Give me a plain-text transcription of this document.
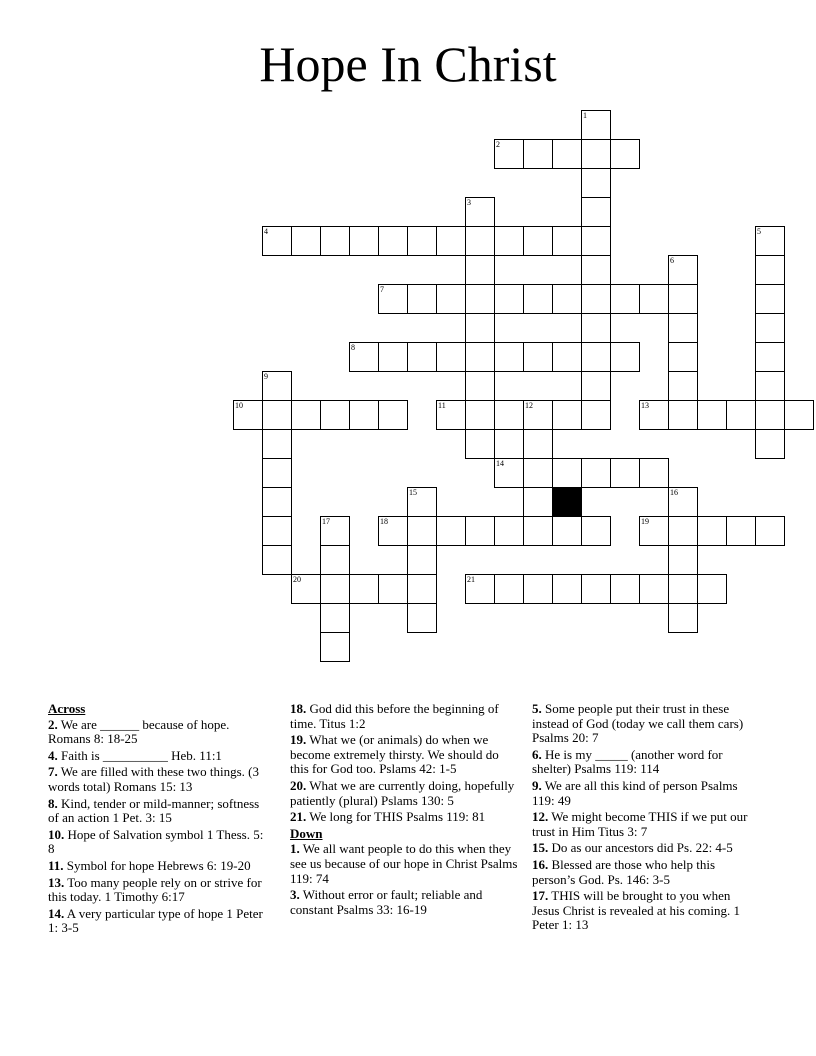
Hope In Christ
1
2
3
4	5
6
7
8
9
10	11	12	13
14
15	16
17	18	19
20	21

Across

2. We are ______ because of hope. Romans 8: 18-25

4. Faith is __________ Heb. 11:1

7. We are filled with these two things. (3 words total) Romans 15: 13

8. Kind, tender or mild-manner; softness of an action 1 Pet. 3: 15

10. Hope of Salvation symbol 1 Thess. 5: 8

11. Symbol for hope Hebrews 6: 19-20

13. Too many people rely on or strive for this today. 1 Timothy 6:17

14. A very particular type of hope 1 Peter 1: 3-5

18. God did this before the beginning of time. Titus 1:2

19. What we (or animals) do when we become extremely thirsty. We should do this for God too. Pslams 42: 1-5

20. What we are currently doing, hopefully patiently (plural) Pslams 130: 5

21. We long for THIS Psalms 119: 81

Down

1. We all want people to do this when they see us because of our hope in Christ Psalms 119: 74

3. Without error or fault; reliable and constant Psalms 33: 16-19

5. Some people put their trust in these instead of God (today we call them cars) Psalms 20: 7

6. He is my _____ (another word for shelter) Psalms 119: 114

9. We are all this kind of person Psalms 119: 49

12. We might become THIS if we put our trust in Him Titus 3: 7

15. Do as our ancestors did Ps. 22: 4-5

16. Blessed are those who help this person’s God. Ps. 146: 3-5

17. THIS will be brought to you when Jesus Christ is revealed at his coming. 1 Peter 1: 13
